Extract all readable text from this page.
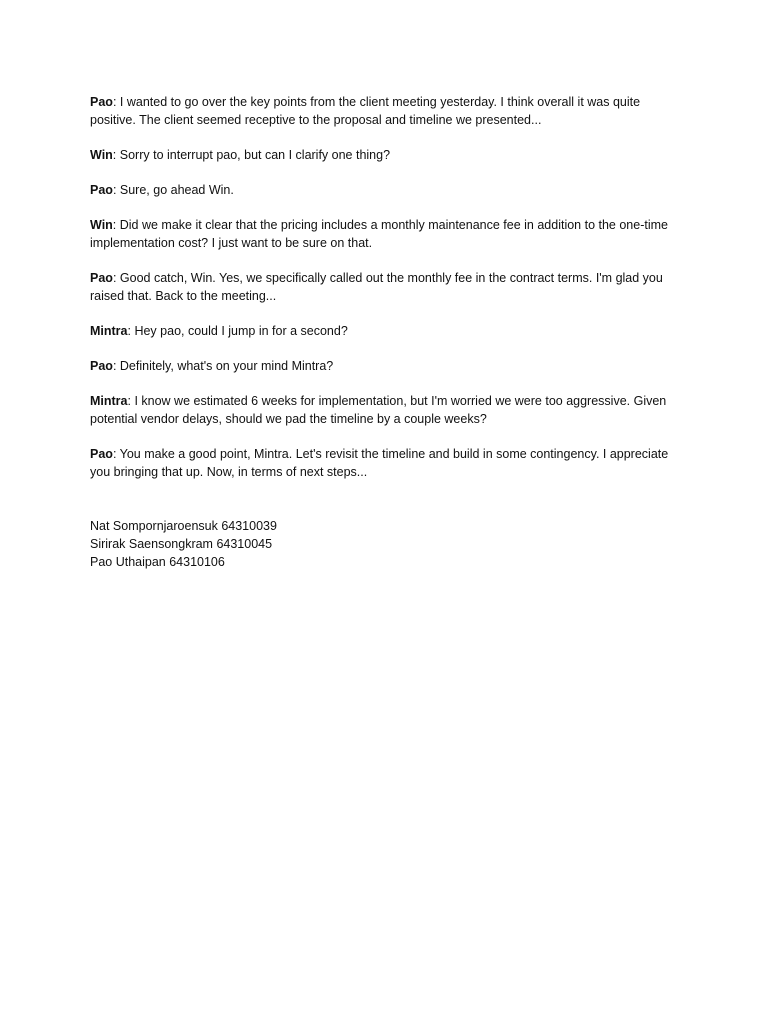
Pao: I wanted to go over the key points from the client meeting yesterday. I think overall it was quite positive. The client seemed receptive to the proposal and timeline we presented...

Win: Sorry to interrupt pao, but can I clarify one thing?

Pao: Sure, go ahead Win.

Win: Did we make it clear that the pricing includes a monthly maintenance fee in addition to the one-time implementation cost? I just want to be sure on that.

Pao: Good catch, Win. Yes, we specifically called out the monthly fee in the contract terms. I'm glad you raised that. Back to the meeting...

Mintra: Hey pao, could I jump in for a second?

Pao: Definitely, what's on your mind Mintra?

Mintra: I know we estimated 6 weeks for implementation, but I'm worried we were too aggressive. Given potential vendor delays, should we pad the timeline by a couple weeks?

Pao: You make a good point, Mintra. Let's revisit the timeline and build in some contingency. I appreciate you bringing that up. Now, in terms of next steps...

Nat Sompornjaroensuk 64310039

Sirirak Saensongkram 64310045

Pao Uthaipan 64310106
